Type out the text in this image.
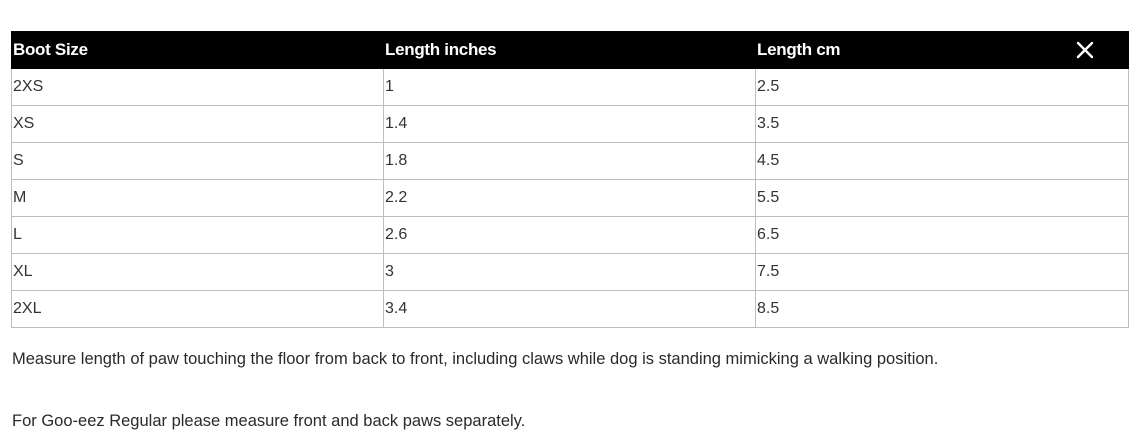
Boot Size	Length inches	Length cm

2XS	1	2.5
XS	1.4	3.5
S	1.8	4.5
M	2.2	5.5
L	2.6	6.5
XL	3	7.5
2XL	3.4	8.5

Measure length of paw touching the floor from back to front, including claws while dog is standing mimicking a walking position.

For Goo-eez Regular please measure front and back paws separately.
